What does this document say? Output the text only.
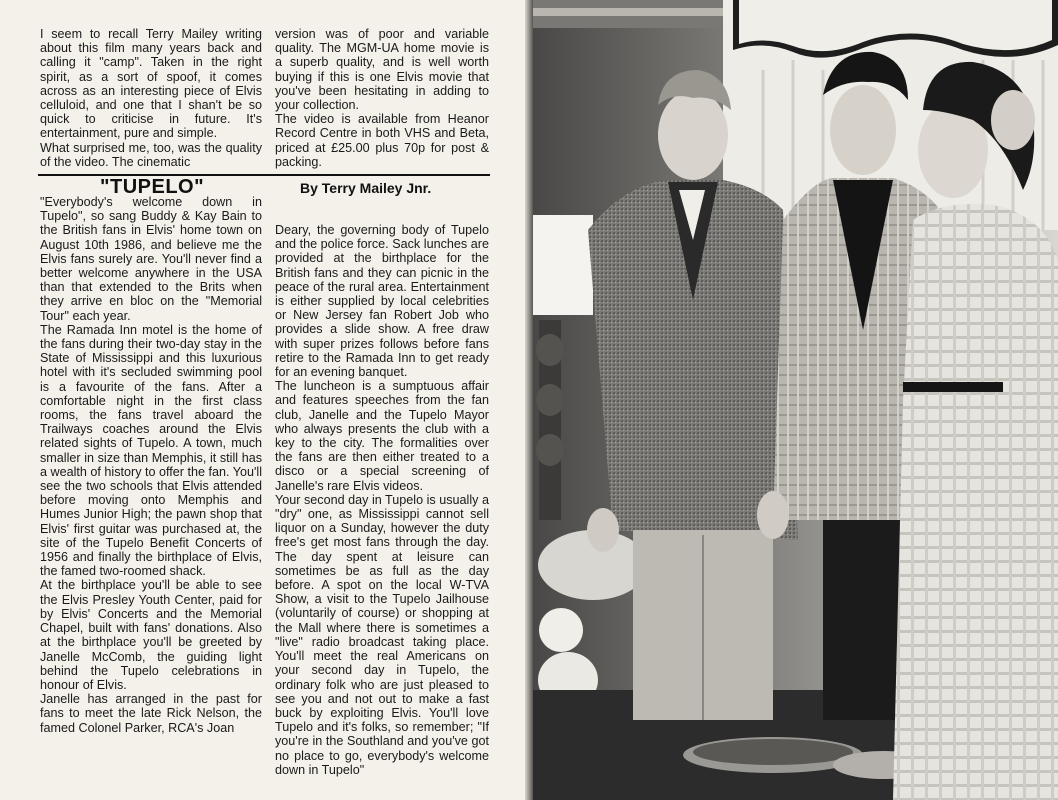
I seem to recall Terry Mailey writing about this film many years back and calling it "camp". Taken in the right spirit, as a sort of spoof, it comes across as an interesting piece of Elvis celluloid, and one that I shan't be so quick to criticise in future. It's entertainment, pure and simple.

What surprised me, too, was the quality of the video. The cinematic

version was of poor and variable quality. The MGM-UA home movie is a superb quality, and is well worth buying if this is one Elvis movie that you've been hesitating in adding to your collection.

The video is available from Heanor Record Centre in both VHS and Beta, priced at £25.00 plus 70p for post & packing.

"TUPELO"	By Terry Mailey Jnr.

"Everybody's welcome down in Tupelo", so sang Buddy & Kay Bain to the British fans in Elvis' home town on August 10th 1986, and believe me the Elvis fans surely are. You'll never find a better welcome anywhere in the USA than that extended to the Brits when they arrive en bloc on the "Memorial Tour" each year.

The Ramada Inn motel is the home of the fans during their two-day stay in the State of Mississippi and this luxurious hotel with it's secluded swimming pool is a favourite of the fans. After a comfortable night in the first class rooms, the fans travel aboard the Trailways coaches around the Elvis related sights of Tupelo. A town, much smaller in size than Memphis, it still has a wealth of history to offer the fan. You'll see the two schools that Elvis attended before moving onto Memphis and Humes Junior High; the pawn shop that Elvis' first guitar was purchased at, the site of the Tupelo Benefit Concerts of 1956 and finally the birthplace of Elvis, the famed two-roomed shack.

At the birthplace you'll be able to see the Elvis Presley Youth Center, paid for by Elvis' Concerts and the Memorial Chapel, built with fans' donations. Also at the birthplace you'll be greeted by Janelle McComb, the guiding light behind the Tupelo celebrations in honour of Elvis.

Janelle has arranged in the past for fans to meet the late Rick Nelson, the famed Colonel Parker, RCA's Joan

Deary, the governing body of Tupelo and the police force. Sack lunches are provided at the birthplace for the British fans and they can picnic in the peace of the rural area. Entertainment is either supplied by local celebrities or New Jersey fan Robert Job who provides a slide show. A free draw with super prizes follows before fans retire to the Ramada Inn to get ready for an evening banquet.

The luncheon is a sumptuous affair and features speeches from the fan club, Janelle and the Tupelo Mayor who always presents the club with a key to the city. The formalities over the fans are then either treated to a disco or a special screening of Janelle's rare Elvis videos.

Your second day in Tupelo is usually a "dry" one, as Mississippi cannot sell liquor on a Sunday, however the duty free's get most fans through the day. The day spent at leisure can sometimes be as full as the day before. A spot on the local W-TVA Show, a visit to the Tupelo Jailhouse (voluntarily of course) or shopping at the Mall where there is sometimes a "live" radio broadcast taking place. You'll meet the real Americans on your second day in Tupelo, the ordinary folk who are just pleased to see you and not out to make a fast buck by exploiting Elvis. You'll love Tupelo and it's folks, so remember; "If you're in the Southland and you've got no place to go, everybody's welcome down in Tupelo"
